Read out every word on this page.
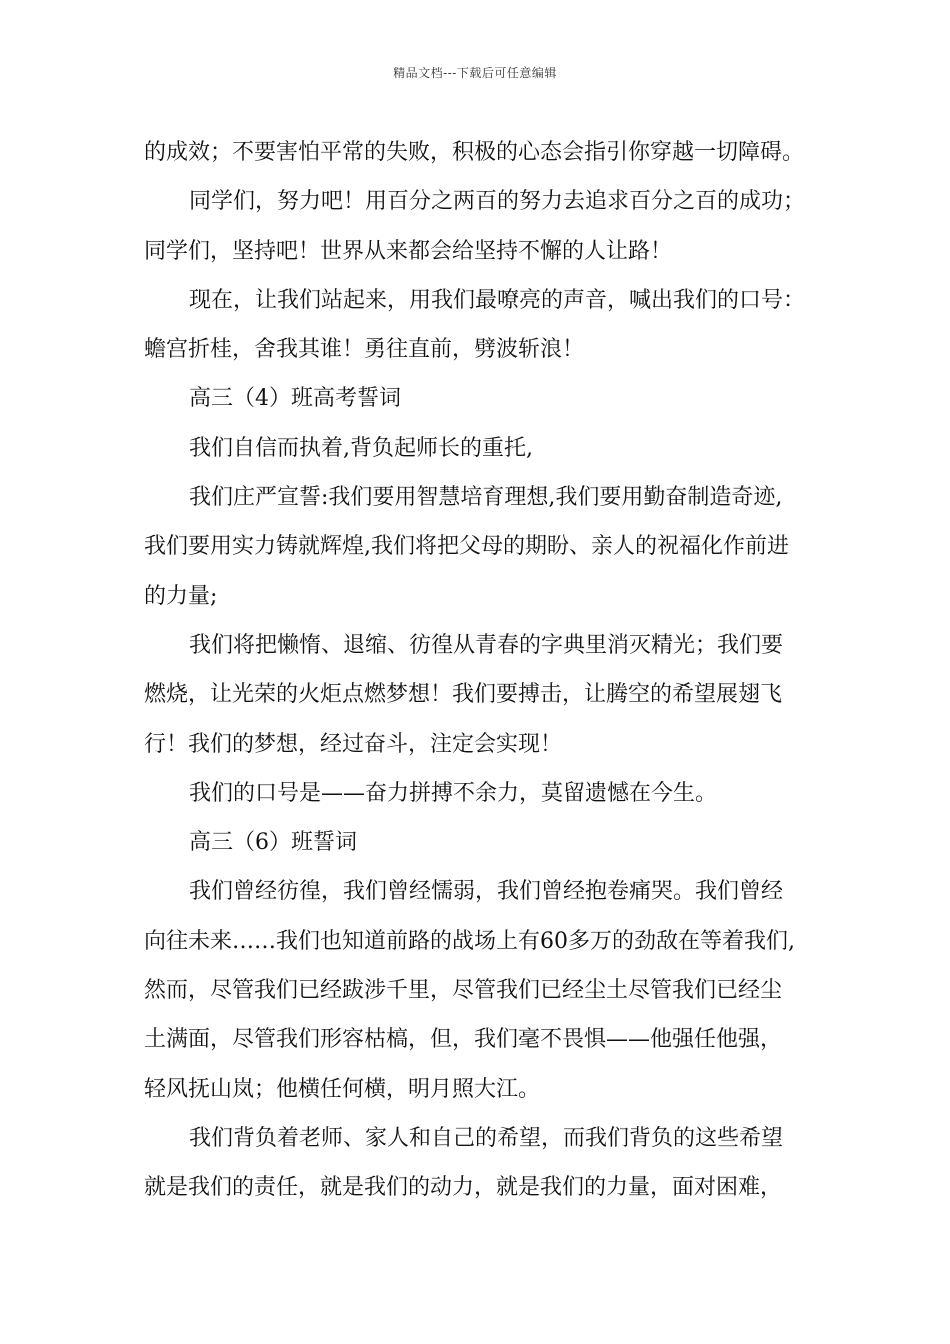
精品文档---下载后可任意编辑
的成效；不要害怕平常的失败，积极的心态会指引你穿越一切障碍。
同学们，努力吧！用百分之两百的努力去追求百分之百的成功；
同学们，坚持吧！世界从来都会给坚持不懈的人让路！
现在，让我们站起来，用我们最嘹亮的声音，喊出我们的口号：
蟾宫折桂，舍我其谁！勇往直前，劈波斩浪！
高三（4）班高考誓词
我们自信而执着,背负起师长的重托,
我们庄严宣誓:我们要用智慧培育理想,我们要用勤奋制造奇迹,
我们要用实力铸就辉煌,我们将把父母的期盼、亲人的祝福化作前进
的力量;
我们将把懒惰、退缩、彷徨从青春的字典里消灭精光；我们要
燃烧，让光荣的火炬点燃梦想！我们要搏击，让腾空的希望展翅飞
行！我们的梦想，经过奋斗，注定会实现！
我们的口号是——奋力拼搏不余力，莫留遗憾在今生。
高三（6）班誓词
我们曾经彷徨，我们曾经懦弱，我们曾经抱卷痛哭。我们曾经
向往未来……我们也知道前路的战场上有60多万的劲敌在等着我们,
然而，尽管我们已经跋涉千里，尽管我们已经尘土尽管我们已经尘
土满面，尽管我们形容枯槁，但，我们毫不畏惧——他强任他强，
轻风抚山岚；他横任何横，明月照大江。
我们背负着老师、家人和自己的希望，而我们背负的这些希望
就是我们的责任，就是我们的动力，就是我们的力量，面对困难，
